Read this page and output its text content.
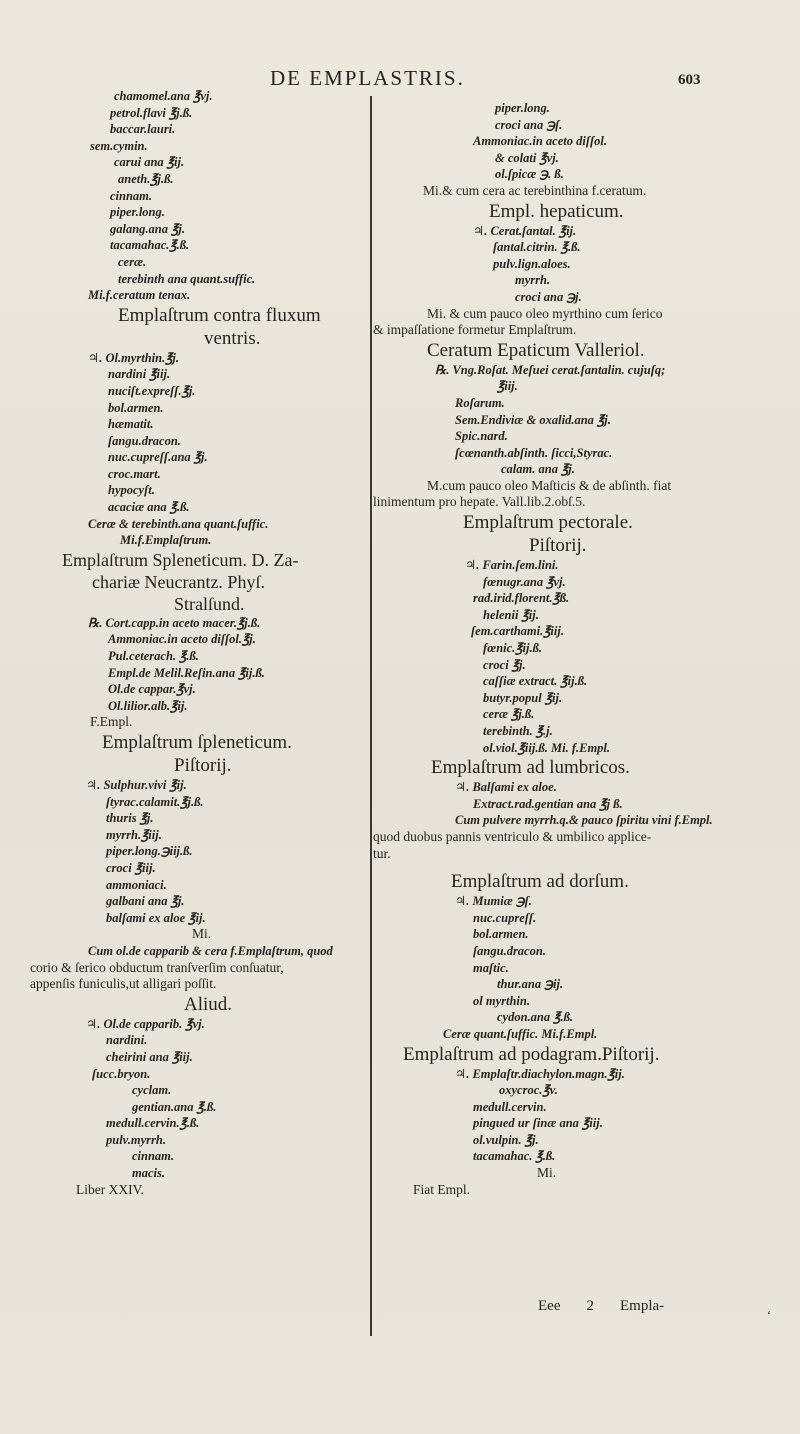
DE EMPLASTRIS.	603
chamomel.ana ℥vj.
petrol.flavi ℥j.ß.
baccar.lauri.
sem.cymin.
carui ana ℥ij.
aneth.℥j.ß.
cinnam.
piper.long.
galang.ana ℥j.
tacamahac.℥.ß.
ceræ.
terebinth ana quant.suffic.
Mi.f.ceratum tenax.
Emplaſtrum contra fluxum
ventris.
♃. Ol.myrthin.℥j.
nardini ℥iij.
nuciſt.expreſſ.℥j.
bol.armen.
hæmatit.
ſangu.dracon.
nuc.cupreſſ.ana ℥j.
croc.mart.
hypocyſt.
acaciæ ana ℥.ß.
Ceræ & terebinth.ana quant.ſuffic.
Mi.f.Emplaſtrum.
Emplaſtrum Spleneticum. D. Za-
chariæ Neucrantz. Phyſ.
Stralſund.
℞. Cort.capp.in aceto macer.℥j.ß.
Ammoniac.in aceto diſſol.℥j.
Pul.ceterach. ℥.ß.
Empl.de Melil.Reſin.ana ℥ij.ß.
Ol.de cappar.℥vj.
Ol.lilior.alb.℥ij.
F.Empl.
Emplaſtrum ſpleneticum.
Piſtorij.
♃. Sulphur.vivi ℥ij.
ſtyrac.calamit.℥j.ß.
thuris ℥j.
myrrh.℥iij.
piper.long.℈iij.ß.
croci ℥iij.
ammoniaci.
galbani ana ℥j.
balſami ex aloe ℥ij.
Mi.
Cum ol.de capparib & cera f.Emplaſtrum, quod
corio & ſerico obductum tranſverſim conſuatur,
appenſis funiculis,ut alligari poſſit.
Aliud.
♃. Ol.de capparib. ℥vj.
nardini.
cheirini ana ℥iij.
ſucc.bryon.
cyclam.
gentian.ana ℥.ß.
medull.cervin.℥.ß.
pulv.myrrh.
cinnam.
macis.
Liber XXIV.
piper.long.
croci ana ℈ſ.
Ammoniac.in aceto diſſol.
& colati ℥vj.
ol.ſpicæ ℈. ß.
Mi.& cum cera ac terebinthina f.ceratum.
Empl. hepaticum.
♃. Cerat.ſantal. ℥ij.
ſantal.citrin. ℥.ß.
pulv.lign.aloes.
myrrh.
croci ana ℈j.
Mi. & cum pauco oleo myrthino cum ſerico
& impaſſatione formetur Emplaſtrum.
Ceratum Epaticum Valleriol.
℞. Vng.Roſat. Meſuei cerat.ſantalin. cujuſq;
℥iij.
Roſarum.
Sem.Endiviæ & oxalid.ana ℥j.
Spic.nard.
ſcœnanth.abſinth. ſicci,Styrac.
calam. ana ℥j.
M.cum pauco oleo Maſticis & de abſinth. fiat
linimentum pro hepate. Vall.lib.2.obſ.5.
Emplaſtrum pectorale.
Piſtorij.
♃. Farin.ſem.lini.
fœnugr.ana ℥vj.
rad.irid.florent.℥ß.
helenii ℥ij.
ſem.carthami.℥iij.
fœnic.℥ij.ß.
croci ℥j.
caſſiæ extract. ℥ij.ß.
butyr.popul ℥ij.
ceræ ℥j.ß.
terebinth. ℥.j.
ol.viol.℥iij.ß. Mi. f.Empl.
Emplaſtrum ad lumbricos.
♃. Balſami ex aloe.
Extract.rad.gentian ana ℥j ß.
Cum pulvere myrrh.q.& pauco ſpiritu vini f.Empl.
quod duobus pannis ventriculo & umbilico applice-
tur.
Emplaſtrum ad dorſum.
♃. Mumiæ ℈ſ.
nuc.cupreſſ.
bol.armen.
ſangu.dracon.
maſtic.
thur.ana ℈ij.
ol myrthin.
cydon.ana ℥.ß.
Ceræ quant.ſuffic. Mi.f.Empl.
Emplaſtrum ad podagram.Piſtorij.
♃. Emplaſtr.diachylon.magn.℥ij.
oxycroc.℥v.
medull.cervin.
pingued ur ſinæ ana ℥iij.
ol.vulpin. ℥j.
tacamahac. ℥.ß.
Mi.
Fiat Empl.
Eee 2 Empla-
ʻ
